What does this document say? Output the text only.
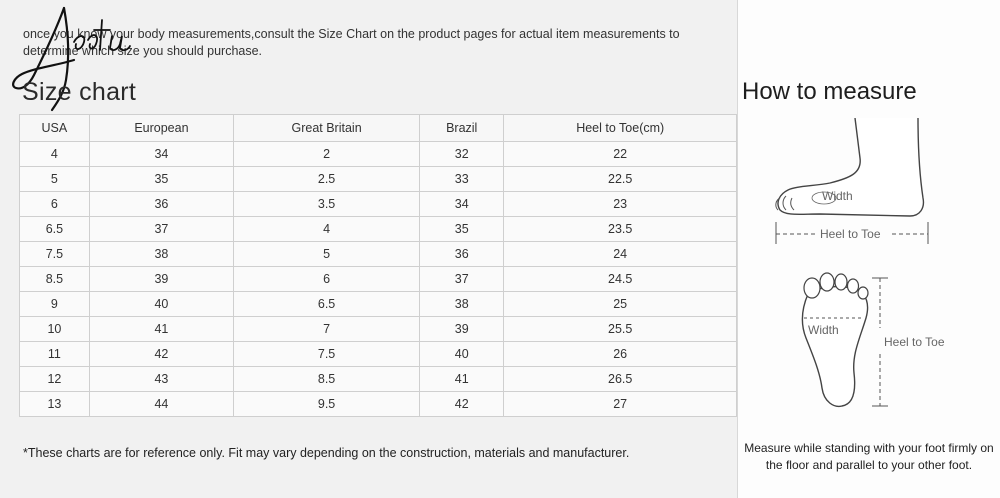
once you know your body measurements,consult the Size Chart on the product pages for actual item measurements to determine which size you should purchase.
Size chart
USA	European	Great Britain	Brazil	Heel to Toe(cm)
4	34	2	32	22
5	35	2.5	33	22.5
6	36	3.5	34	23
6.5	37	4	35	23.5
7.5	38	5	36	24
8.5	39	6	37	24.5
9	40	6.5	38	25
10	41	7	39	25.5
11	42	7.5	40	26
12	43	8.5	41	26.5
13	44	9.5	42	27
*These charts are for reference only. Fit may vary depending on the construction, materials and manufacturer.
How to measure
Width
Heel to Toe
Width
Heel to Toe
Measure while standing with your foot firmly on the floor and parallel to your other foot.
